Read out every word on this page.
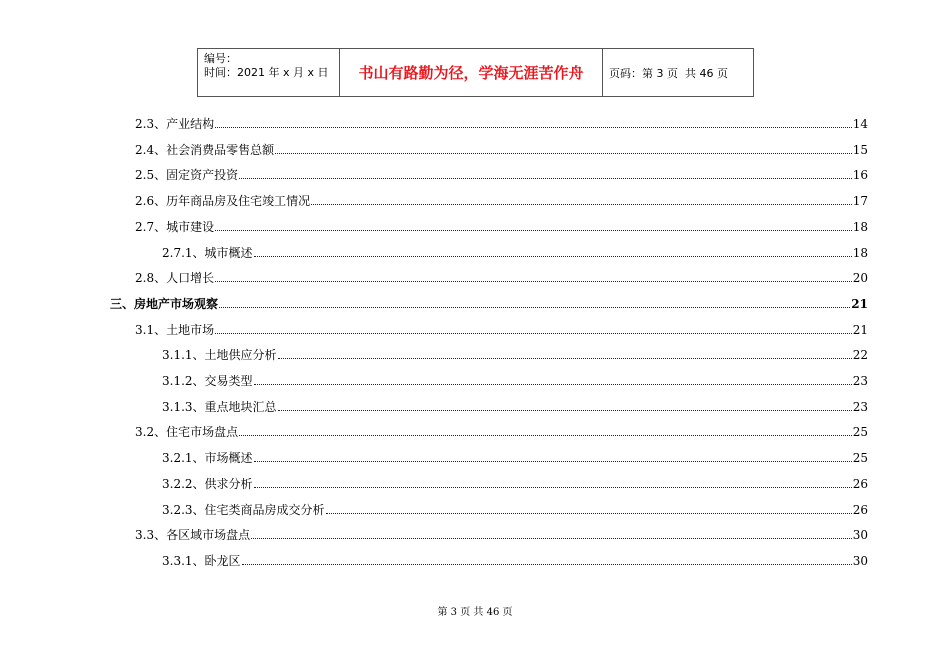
编号：
时间：2021 年 x 月 x 日	书山有路勤为径，学海无涯苦作舟 页码：第 3 页  共 46 页
2.3、产业结构	14
2.4、社会消费品零售总额	15
2.5、固定资产投资	16
2.6、历年商品房及住宅竣工情况	17
2.7、城市建设	18
2.7.1、城市概述	18
2.8、人口增长	20
三、房地产市场观察	21
3.1、土地市场	21
3.1.1、土地供应分析	22
3.1.2、交易类型	23
3.1.3、重点地块汇总	23
3.2、住宅市场盘点	25
3.2.1、市场概述	25
3.2.2、供求分析	26
3.2.3、住宅类商品房成交分析	26
3.3、各区域市场盘点	30
3.3.1、卧龙区	30
第 3 页 共 46 页
